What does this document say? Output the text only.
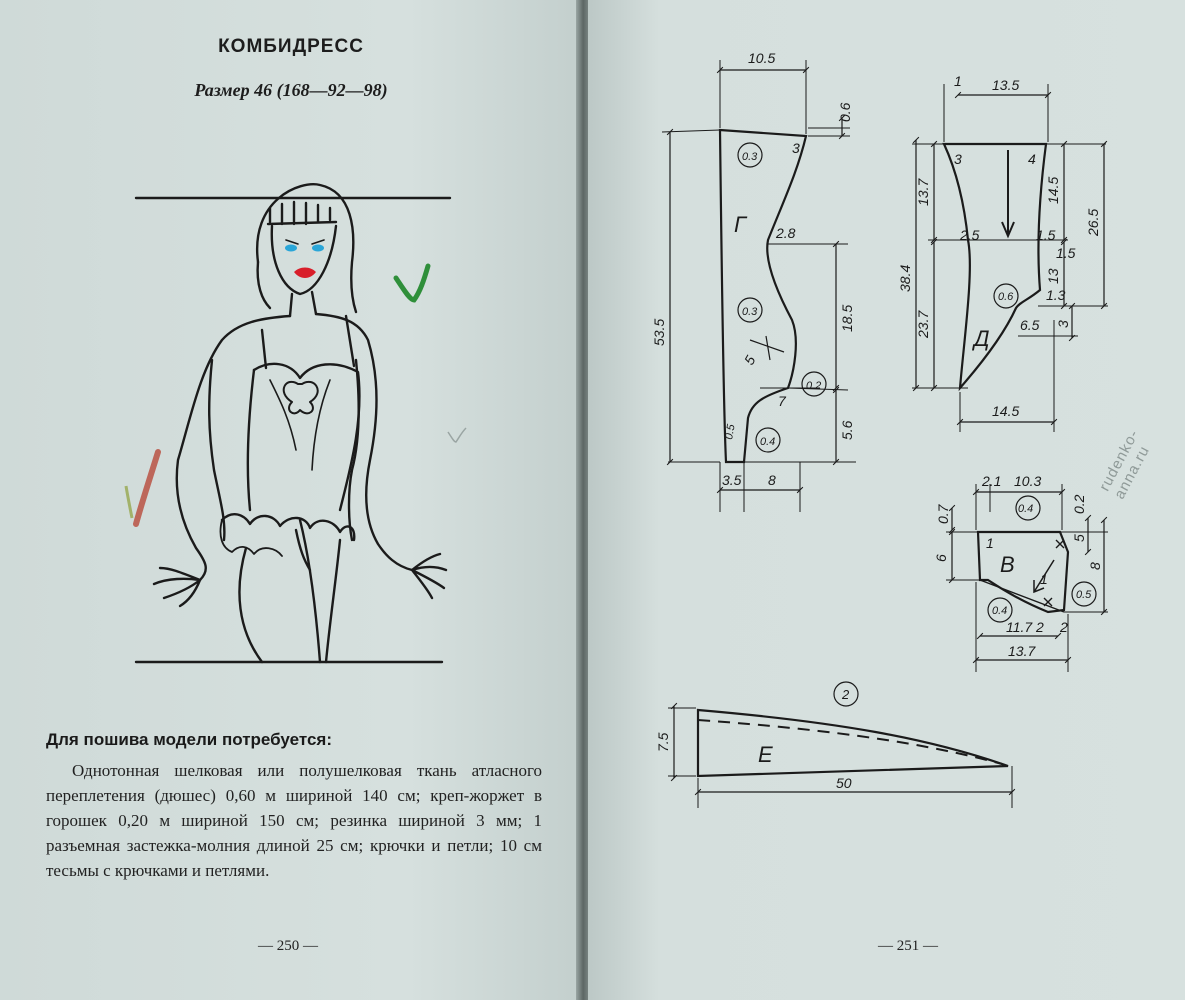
КОМБИДРЕСС
Размер 46 (168—92—98)
Для пошива модели потребуется:
Однотонная шелковая или полушелковая ткань атласного переплетения (дюшес) 0,60 м шириной 140 см; креп-жоржет в горошек 0,20 м шириной 150 см; резинка шириной 3 мм; 1 разъемная застежка-молния длиной 25 см; крючки и петли; 10 см тесьмы с крючками и петлями.
— 250 —
Г
Д
В
Е
10.5
0.6
3
0.3
2.8
0.3	18.5
53.5
5
0.2
7
0.5
0.4
5.6
3.5 8
1 13.5
3	4
13.7	14.5
26.5
2.5	1.5
1.5
38.4
23.7
0.6 1.3
13
6.5 3
14.5
2.1 10.3
0.7	0.4	0.2
1
6
5
8
0.4
0.5
1
11.7 2 2
13.7
2
7.5
50
rudenko-anna.ru
— 251 —
